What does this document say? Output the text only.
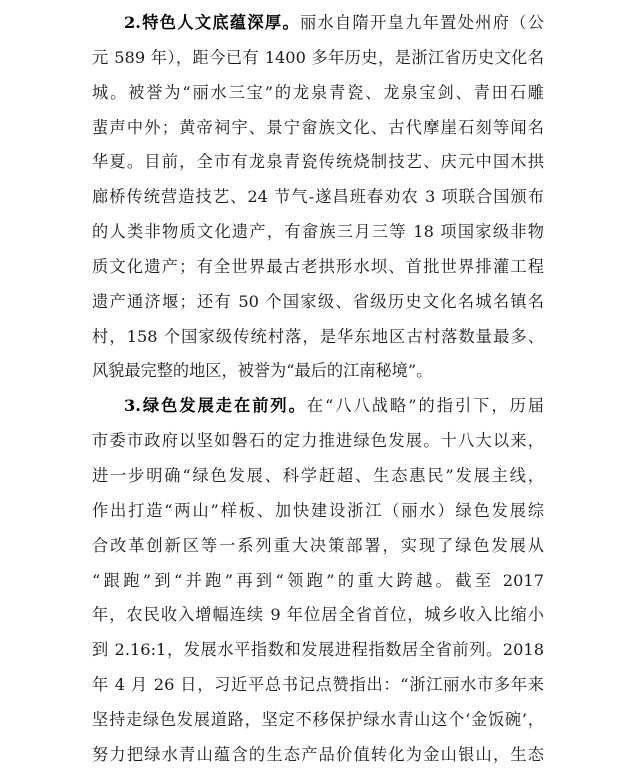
2.特色人文底蕴深厚。丽水自隋开皇九年置处州府（公
元 589 年），距今已有 1400 多年历史，是浙江省历史文化名
城。被誉为“丽水三宝”的龙泉青瓷、龙泉宝剑、青田石雕
蜚声中外；黄帝祠宇、景宁畲族文化、古代摩崖石刻等闻名
华夏。目前，全市有龙泉青瓷传统烧制技艺、庆元中国木拱
廊桥传统营造技艺、24 节气-遂昌班春劝农 3 项联合国颁布
的人类非物质文化遗产，有畲族三月三等 18 项国家级非物
质文化遗产；有全世界最古老拱形水坝、首批世界排灌工程
遗产通济堰；还有 50 个国家级、省级历史文化名城名镇名
村，158 个国家级传统村落，是华东地区古村落数量最多、
风貌最完整的地区，被誉为“最后的江南秘境”。
3.绿色发展走在前列。在“八八战略”的指引下，历届
市委市政府以坚如磐石的定力推进绿色发展。十八大以来，
进一步明确“绿色发展、科学赶超、生态惠民”发展主线，
作出打造“两山”样板、加快建设浙江（丽水）绿色发展综
合改革创新区等一系列重大决策部署，实现了绿色发展从
“跟跑”到“并跑”再到“领跑”的重大跨越。截至 2017
年，农民收入增幅连续 9 年位居全省首位，城乡收入比缩小
到 2.16:1，发展水平指数和发展进程指数居全省前列。2018
年 4 月 26 日，习近平总书记点赞指出：“浙江丽水市多年来
坚持走绿色发展道路，坚定不移保护绿水青山这个‘金饭碗’，
努力把绿水青山蕴含的生态产品价值转化为金山银山，生态
